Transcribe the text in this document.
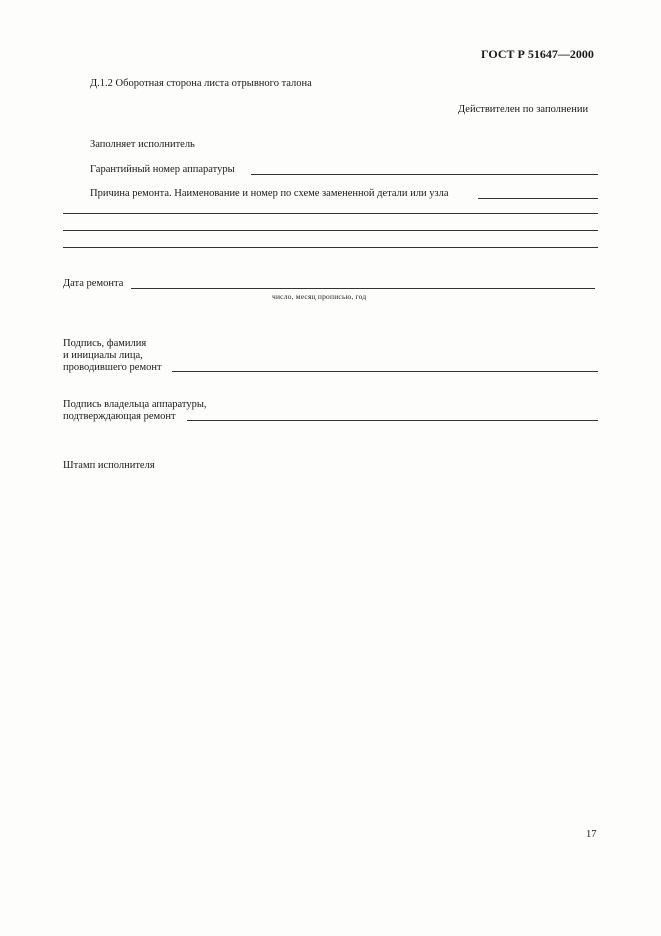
ГОСТ Р 51647—2000
Д.1.2 Оборотная сторона листа отрывного талона
Действителен по заполнении
Заполняет исполнитель
Гарантийный номер аппаратуры
Причина ремонта. Наименование и номер по схеме замененной детали или узла
Дата ремонта
число, месяц прописью, год
Подпись, фамилия
и инициалы лица,
проводившего ремонт
Подпись владельца аппаратуры,
подтверждающая ремонт
Штамп исполнителя
17
